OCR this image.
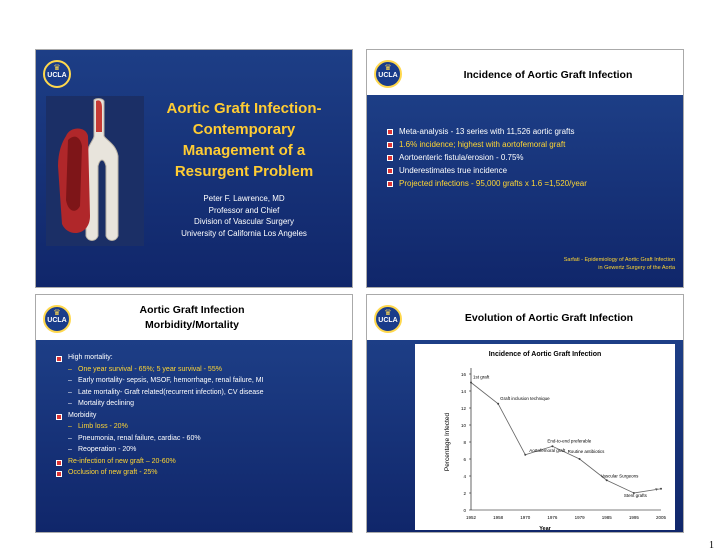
♛
UCLA
Aortic Graft Infection-
Contemporary
Management of a
Resurgent Problem
Peter F. Lawrence, MD
Professor and Chief
Division of Vascular Surgery
University of California Los Angeles
♛
UCLA	Incidence of Aortic Graft Infection
Meta-analysis - 13 series with 11,526 aortic grafts
1.6% incidence; highest with aortofemoral graft
Aortoenteric fistula/erosion - 0.75%
Underestimates true incidence
Projected infections - 95,000 grafts x 1.6 =1,520/year
Sarfati - Epidemiology of Aortic Graft Infection
in Gewertz Surgery of the Aorta
♛
UCLA
Aortic Graft Infection
Morbidity/Mortality
High mortality:
– One year survival - 65%; 5 year survival - 55%
– Early mortality- sepsis, MSOF, hemorrhage, renal failure, MI
– Late mortality- Graft related(recurrent infection), CV disease
– Mortality declining
Morbidity
– Limb loss - 20%
– Pneumonia, renal failure, cardiac - 60%
– Reoperation - 20%
Re-infection of new graft – 20-60%
Occlusion of new graft - 25%
♛
UCLA	Evolution of Aortic Graft Infection
Incidence of Aortic Graft Infection
0
2
4
6
8
10
12
14
16
1952	1958	1970	1976	1979	1985	1995	2005
Year
Percentage Infected
1st graft
Graft inclusion technique
End-to-end preferable
Routine antibiotics
Aortofemoral graft
Vascular Surgeons
Stent grafts
?
1
